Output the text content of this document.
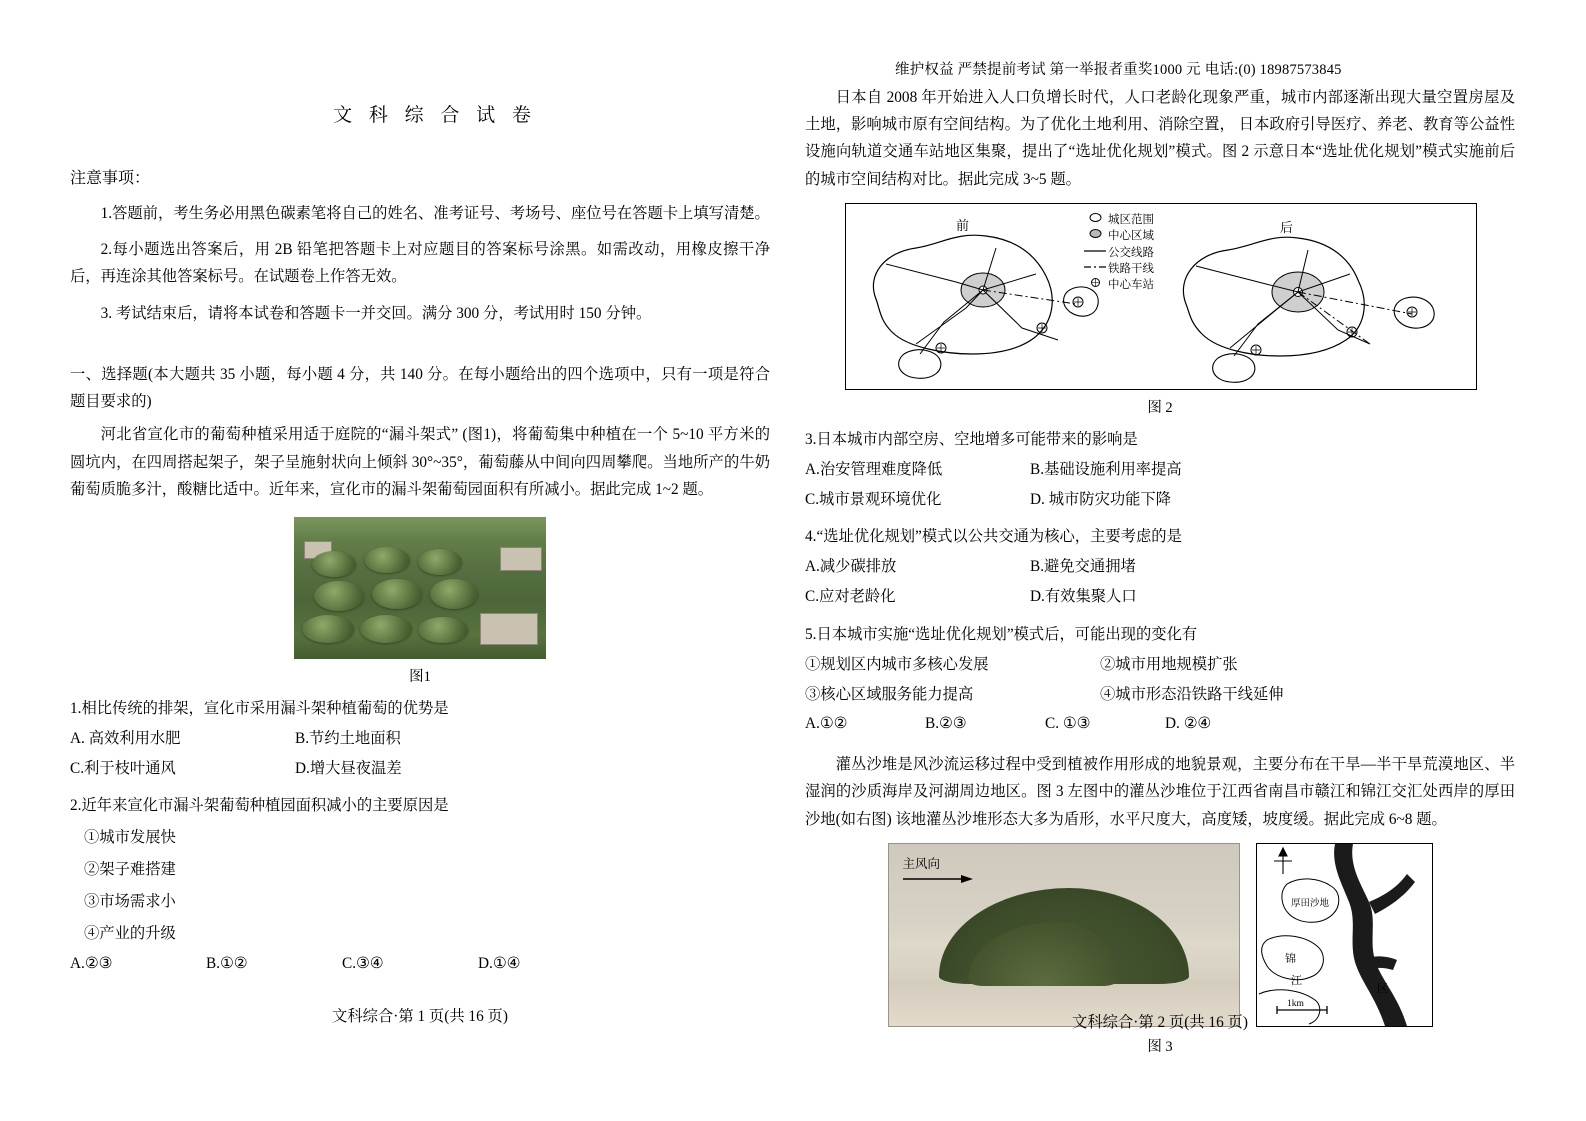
维护权益 严禁提前考试 第一举报者重奖1000 元 电话:(0) 18987573845
文 科 综 合 试 卷
注意事项：

1.答题前，考生务必用黑色碳素笔将自己的姓名、准考证号、考场号、座位号在答题卡上填写清楚。

2.每小题选出答案后，用 2B 铅笔把答题卡上对应题目的答案标号涂黑。如需改动，用橡皮擦干净后，再连涂其他答案标号。在试题卷上作答无效。

3. 考试结束后，请将本试卷和答题卡一并交回。满分 300 分，考试用时 150 分钟。

一、选择题(本大题共 35 小题，每小题 4 分，共 140 分。在每小题给出的四个选项中，只有一项是符合题目要求的)

河北省宣化市的葡萄种植采用适于庭院的“漏斗架式” (图1)，将葡萄集中种植在一个 5~10 平方米的圆坑内，在四周搭起架子，架子呈施射状向上倾斜 30°~35°，葡萄藤从中间向四周攀爬。当地所产的牛奶葡萄质脆多汁，酸糖比适中。近年来，宣化市的漏斗架葡萄园面积有所减小。据此完成 1~2 题。

图1
1.相比传统的排架，宣化市采用漏斗架种植葡萄的优势是
A. 高效利用水肥	B.节约土地面积
C.利于枝叶通风	D.增大昼夜温差
2.近年来宣化市漏斗架葡萄种植园面积减小的主要原因是
①城市发展快
②架子难搭建
③市场需求小
④产业的升级
A.②③	B.①②	C.③④	D.①④
文科综合·第 1 页(共 16 页)

日本自 2008 年开始进入人口负增长时代，人口老龄化现象严重，城市内部逐渐出现大量空置房屋及土地，影响城市原有空间结构。为了优化土地利用、消除空置， 日本政府引导医疗、养老、教育等公益性设施向轨道交通车站地区集聚，提出了“选址优化规划”模式。图 2 示意日本“选址优化规划”模式实施前后的城市空间结构对比。据此完成 3~5 题。

前	后
城区范围
中心区域
公交线路
铁路干线
中心车站
图 2
3.日本城市内部空房、空地增多可能带来的影响是
A.治安管理难度降低	B.基础设施利用率提高
C.城市景观环境优化	D. 城市防灾功能下降
4.“选址优化规划”模式以公共交通为核心，主要考虑的是
A.减少碳排放	B.避免交通拥堵
C.应对老龄化	D.有效集聚人口
5.日本城市实施“选址优化规划”模式后，可能出现的变化有
①规划区内城市多核心发展	②城市用地规模扩张
③核心区域服务能力提高	④城市形态沿铁路干线延伸
A.①②	B.②③	C. ①③	D. ②④

灌丛沙堆是风沙流运移过程中受到植被作用形成的地貌景观，主要分布在干旱—半干旱荒漠地区、半湿润的沙质海岸及河湖周边地区。图 3 左图中的灌丛沙堆位于江西省南昌市赣江和锦江交汇处西岸的厚田沙地(如右图) 该地灌丛沙堆形态大多为盾形，水平尺度大，高度矮，坡度缓。据此完成 6~8 题。

主风向
厚田沙地
锦
江
赣
区
1km
图 3
文科综合·第 2 页(共 16 页)
